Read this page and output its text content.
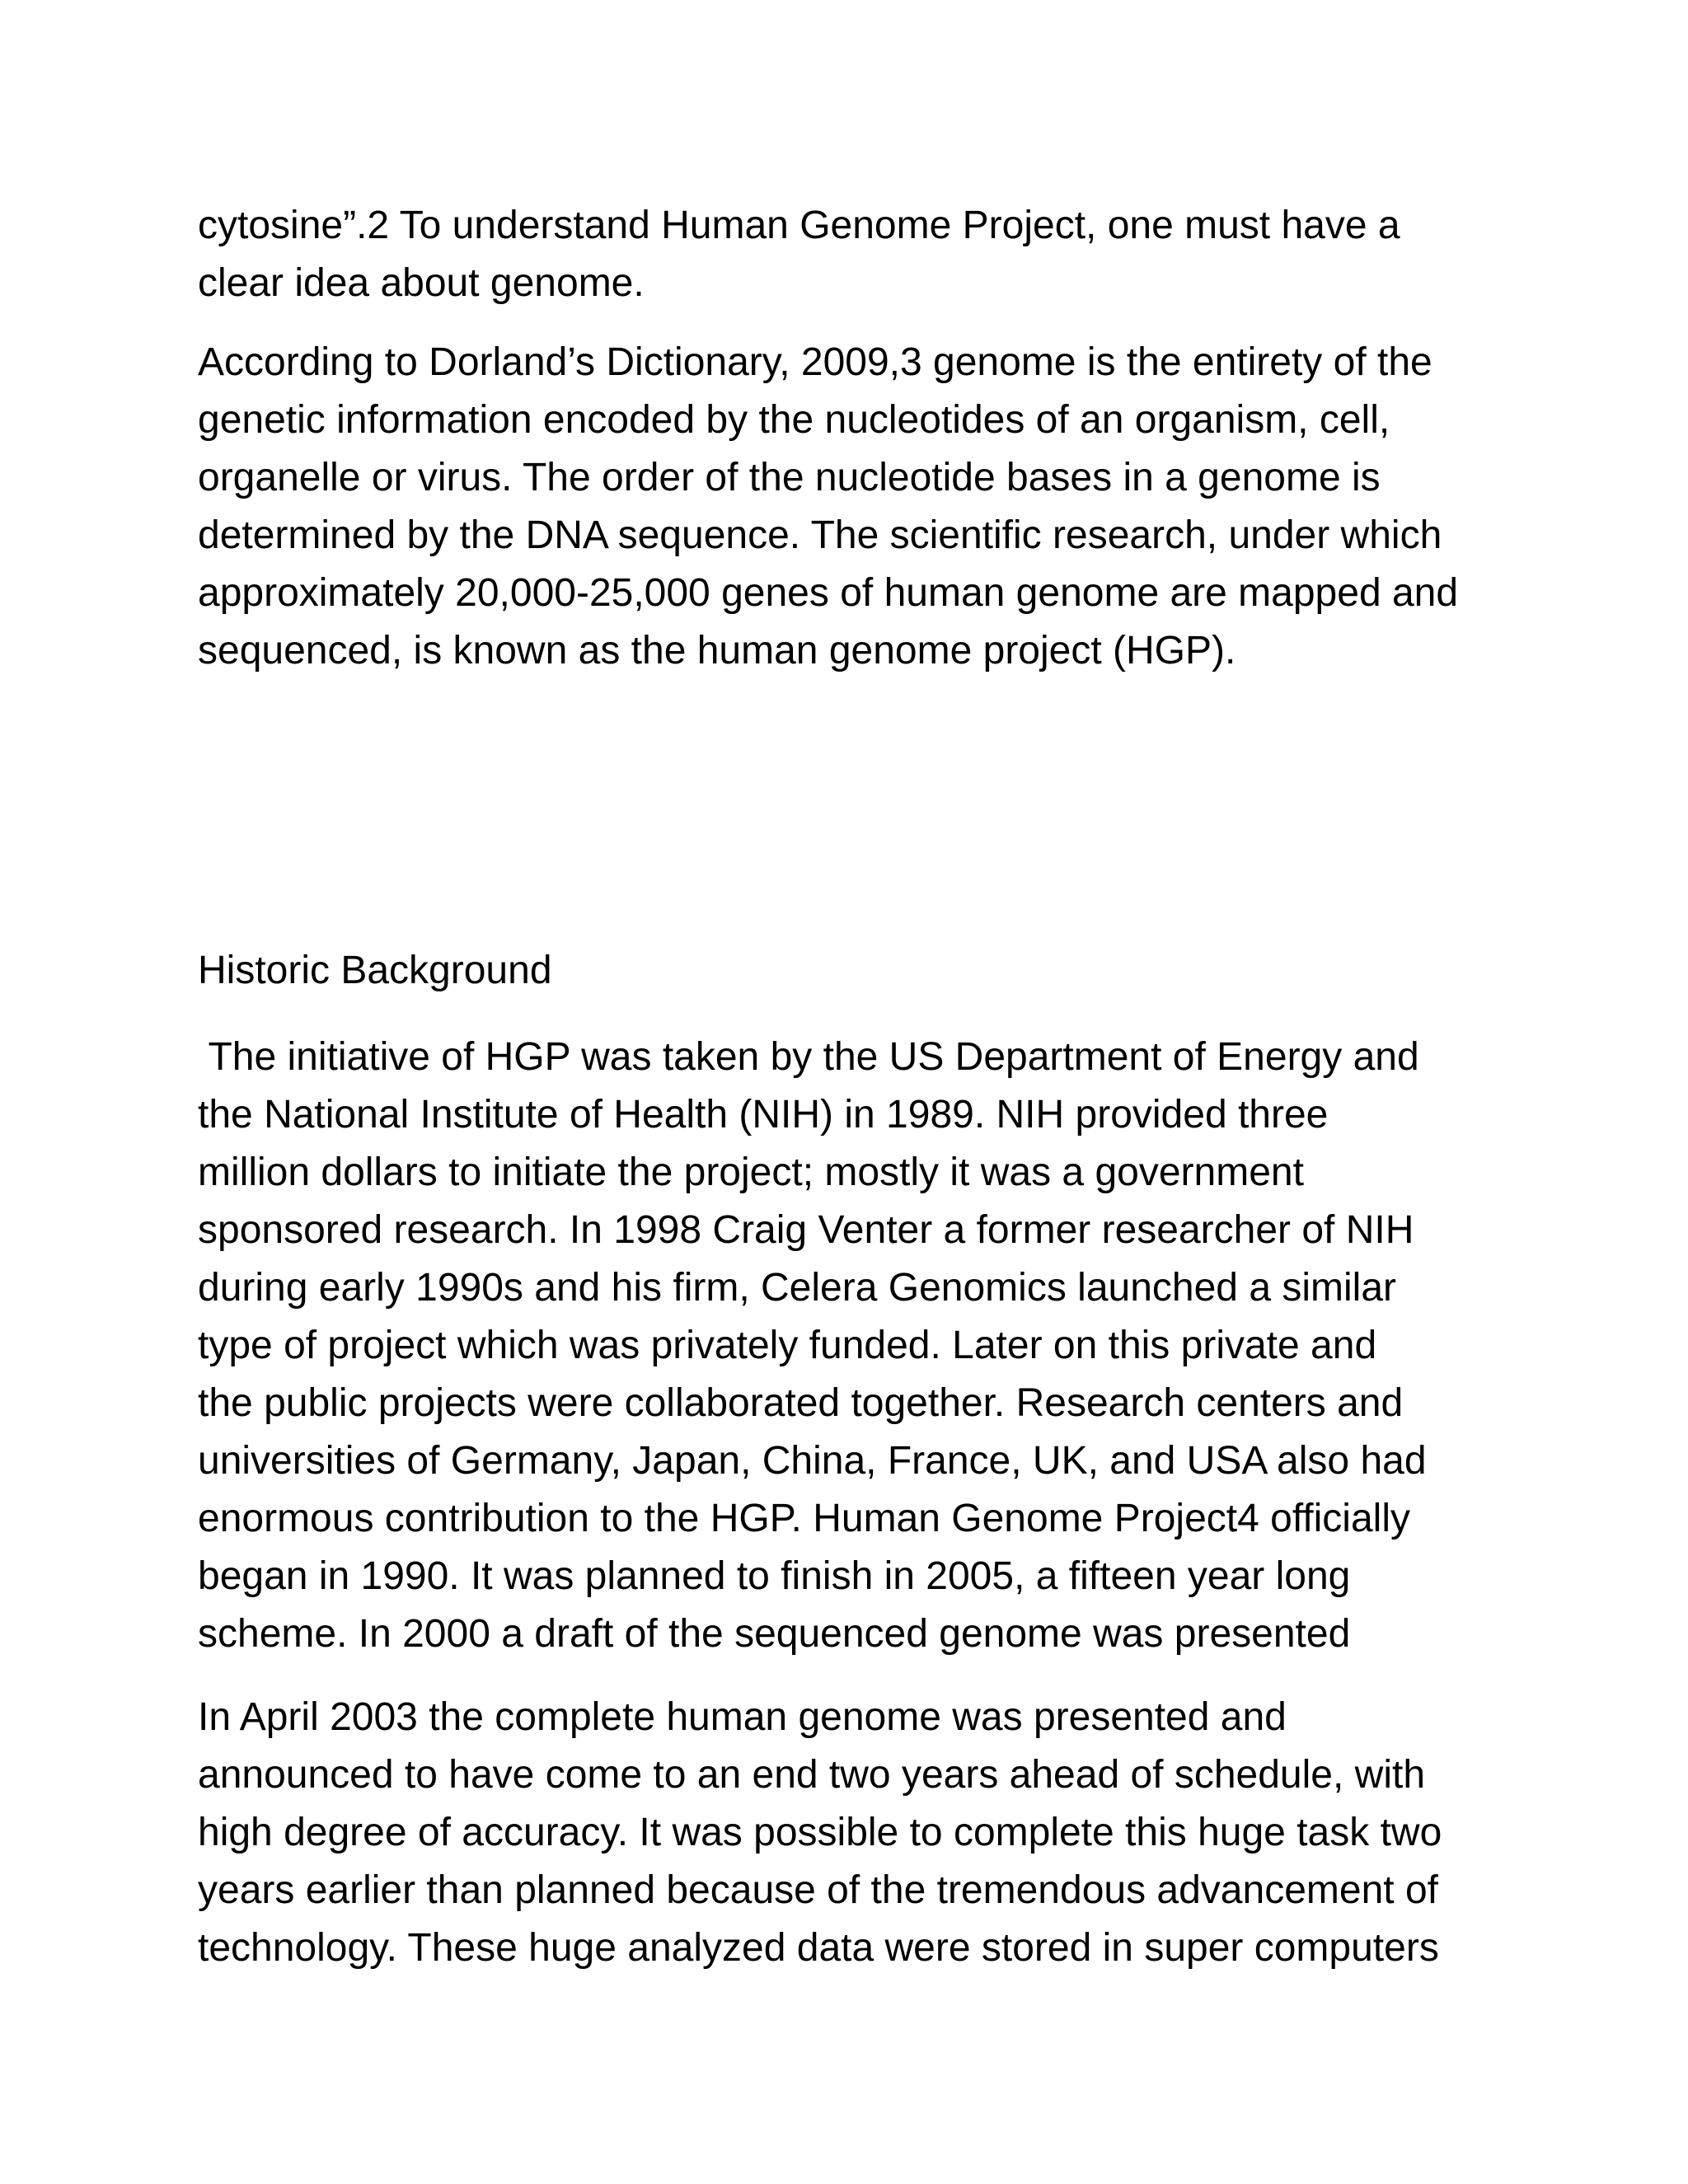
cytosine”.2 To understand Human Genome Project, one must have a
clear idea about genome.
According to Dorland’s Dictionary, 2009,3 genome is the entirety of the
genetic information encoded by the nucleotides of an organism, cell,
organelle or virus. The order of the nucleotide bases in a genome is
determined by the DNA sequence. The scientific research, under which
approximately 20,000-25,000 genes of human genome are mapped and
sequenced, is known as the human genome project (HGP).
Historic Background
The initiative of HGP was taken by the US Department of Energy and
the National Institute of Health (NIH) in 1989. NIH provided three
million dollars to initiate the project; mostly it was a government
sponsored research. In 1998 Craig Venter a former researcher of NIH
during early 1990s and his firm, Celera Genomics launched a similar
type of project which was privately funded. Later on this private and
the public projects were collaborated together. Research centers and
universities of Germany, Japan, China, France, UK, and USA also had
enormous contribution to the HGP. Human Genome Project4 officially
began in 1990. It was planned to finish in 2005, a fifteen year long
scheme. In 2000 a draft of the sequenced genome was presented
In April 2003 the complete human genome was presented and
announced to have come to an end two years ahead of schedule, with
high degree of accuracy. It was possible to complete this huge task two
years earlier than planned because of the tremendous advancement of
technology. These huge analyzed data were stored in super computers
